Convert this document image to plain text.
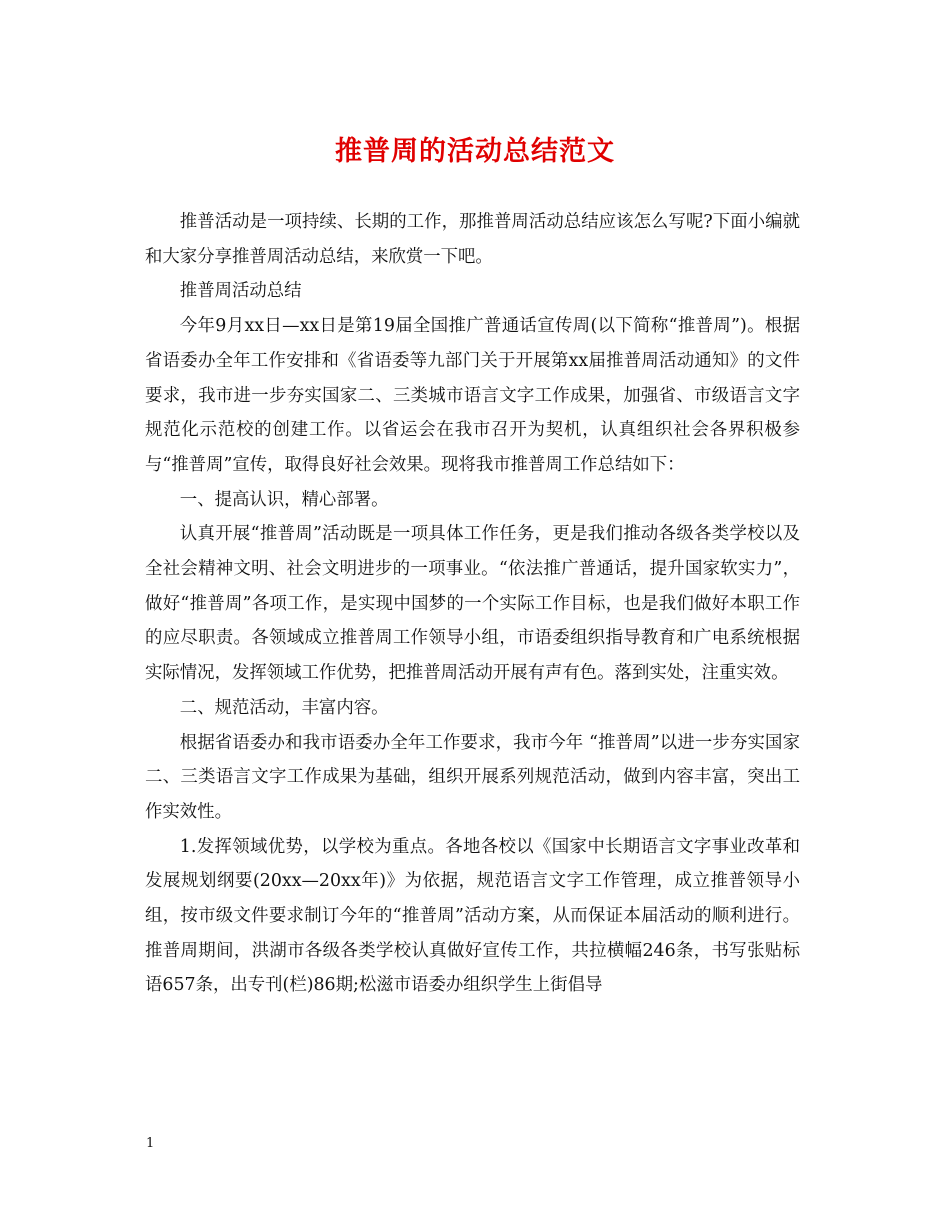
推普周的活动总结范文

推普活动是一项持续、长期的工作，那推普周活动总结应该怎么写呢?下面小编就和大家分享推普周活动总结，来欣赏一下吧。

推普周活动总结

今年9月xx日—xx日是第19届全国推广普通话宣传周(以下简称“推普周”)。根据省语委办全年工作安排和《省语委等九部门关于开展第xx届推普周活动通知》的文件要求，我市进一步夯实国家二、三类城市语言文字工作成果，加强省、市级语言文字规范化示范校的创建工作。以省运会在我市召开为契机，认真组织社会各界积极参与“推普周”宣传，取得良好社会效果。现将我市推普周工作总结如下：

一、提高认识，精心部署。

认真开展“推普周”活动既是一项具体工作任务，更是我们推动各级各类学校以及全社会精神文明、社会文明进步的一项事业。“依法推广普通话，提升国家软实力”，做好“推普周”各项工作，是实现中国梦的一个实际工作目标，也是我们做好本职工作的应尽职责。各领域成立推普周工作领导小组，市语委组织指导教育和广电系统根据实际情况，发挥领域工作优势，把推普周活动开展有声有色。落到实处，注重实效。

二、规范活动，丰富内容。

根据省语委办和我市语委办全年工作要求，我市今年 “推普周”以进一步夯实国家二、三类语言文字工作成果为基础，组织开展系列规范活动，做到内容丰富，突出工作实效性。

1.发挥领域优势，以学校为重点。各地各校以《国家中长期语言文字事业改革和发展规划纲要(20xx—20xx年)》为依据，规范语言文字工作管理，成立推普领导小组，按市级文件要求制订今年的“推普周”活动方案，从而保证本届活动的顺利进行。推普周期间，洪湖市各级各类学校认真做好宣传工作，共拉横幅246条，书写张贴标语657条，出专刊(栏)86期;松滋市语委办组织学生上街倡导

1
